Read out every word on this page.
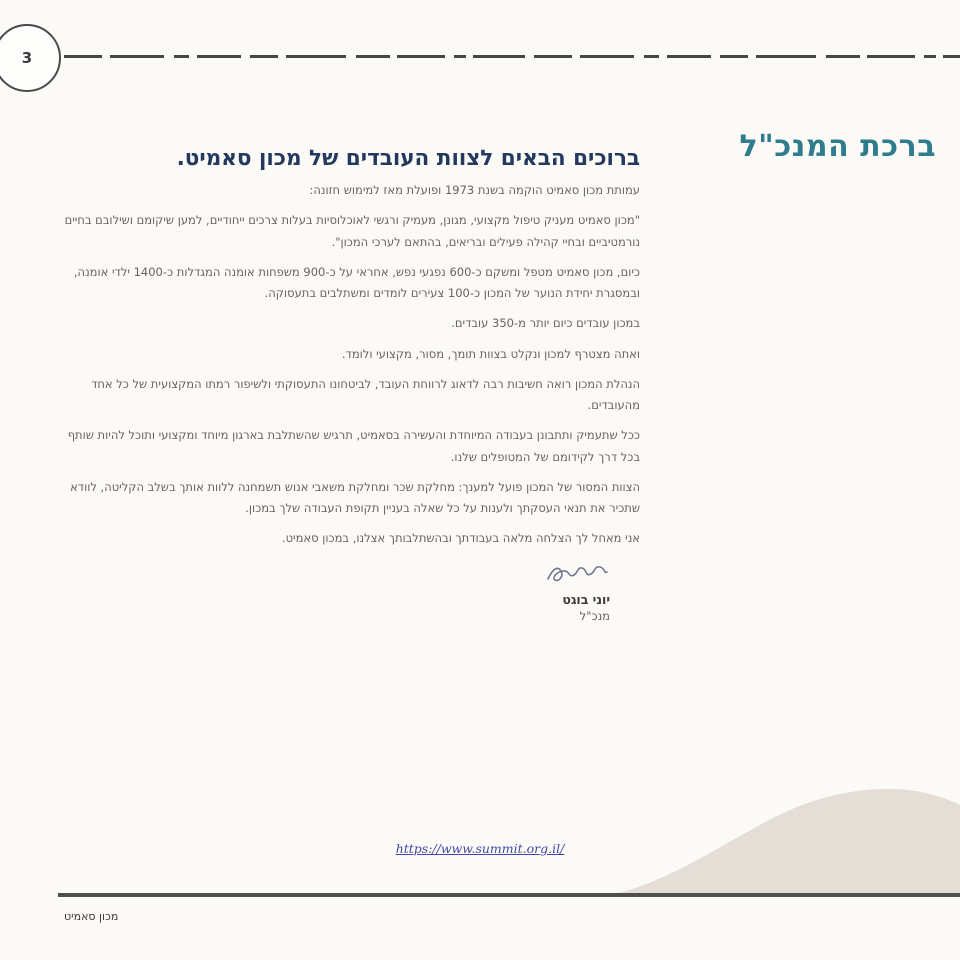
3
ברכת המנכ"ל
ברוכים הבאים לצוות העובדים של מכון סאמיט.

עמותת מכון סאמיט הוקמה בשנת 1973 ופועלת מאז למימוש חזונה:

"מכון סאמיט מעניק טיפול מקצועי, מגונן, מעמיק ורגשי לאוכלוסיות בעלות צרכים ייחודיים, למען שיקומם ושילובם בחיים נורמטיביים ובחיי קהילה פעילים ובריאים, בהתאם לערכי המכון".

כיום, מכון סאמיט מטפל ומשקם כ-600 נפגעי נפש, אחראי על כ-900 משפחות אומנה המגדלות כ-1400 ילדי אומנה, ובמסגרת יחידת הנוער של המכון כ-100 צעירים לומדים ומשתלבים בתעסוקה.

במכון עובדים כיום יותר מ-350 עובדים.

ואתה מצטרף למכון ונקלט בצוות תומך, מסור, מקצועי ולומד.

הנהלת המכון רואה חשיבות רבה לדאוג לרווחת העובד, לביטחונו התעסוקתי ולשיפור רמתו המקצועית של כל אחד מהעובדים.

ככל שתעמיק ותתבונן בעבודה המיוחדת והעשירה בסאמיט, תרגיש שהשתלבת בארגון מיוחד ומקצועי ותוכל להיות שותף בכל דרך לקידומם של המטופלים שלנו.

הצוות המסור של המכון פועל למענך: מחלקת שכר ומחלקת משאבי אנוש תשמחנה ללוות אותך בשלב הקליטה, לוודא שתכיר את תנאי העסקתך ולענות על כל שאלה בעניין תקופת העבודה שלך במכון.

אני מאחל לך הצלחה מלאה בעבודתך ובהשתלבותך אצלנו, במכון סאמיט.

יוני בוגט
מנכ"ל
https://www.summit.org.il/
מכון סאמיט
